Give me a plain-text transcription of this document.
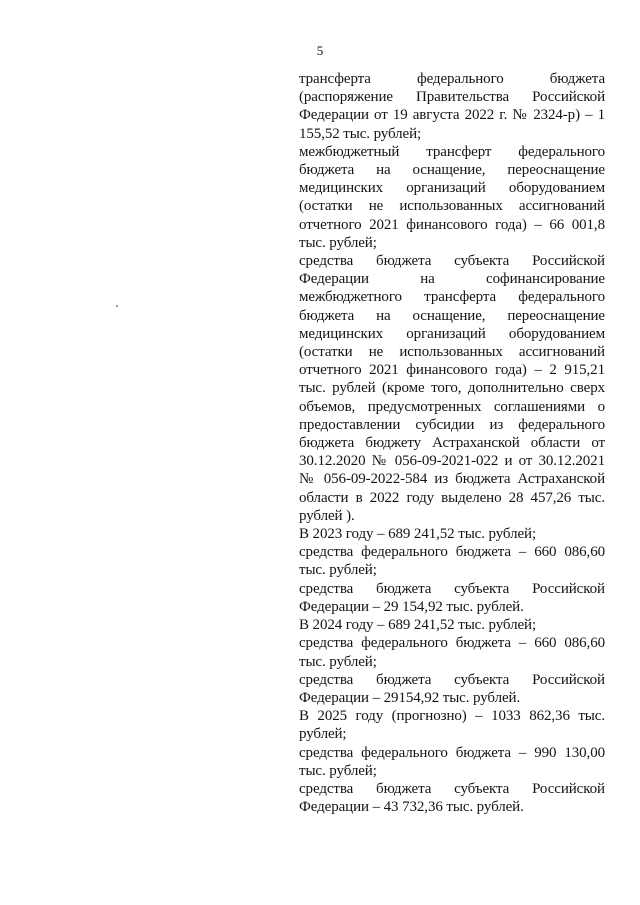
5

трансферта федерального бюджета (распоряжение Правительства Российской Федерации от 19 августа 2022 г. № 2324-р) – 1 155,52 тыс. рублей;

межбюджетный трансферт федерального бюджета на оснащение, переоснащение медицинских организаций оборудованием (остатки не использованных ассигнований отчетного 2021 финансового года) – 66 001,8 тыс. рублей;

средства бюджета субъекта Российской Федерации на софинансирование межбюджетного трансферта федерального бюджета на оснащение, переоснащение медицинских организаций оборудованием (остатки не использованных ассигнований отчетного 2021 финансового года) – 2 915,21 тыс. рублей (кроме того, дополнительно сверх объемов, предусмотренных соглашениями о предоставлении субсидии из федерального бюджета бюджету Астраханской области от 30.12.2020 № 056-09-2021-022 и от 30.12.2021 № 056-09-2022-584 из бюджета Астраханской области в 2022 году выделено 28 457,26 тыс. рублей ).

В 2023 году – 689 241,52 тыс. рублей;

средства федерального бюджета – 660 086,60 тыс. рублей;

средства бюджета субъекта Российской Федерации – 29 154,92 тыс. рублей.

В 2024 году – 689 241,52 тыс. рублей;

средства федерального бюджета – 660 086,60 тыс. рублей;

средства бюджета субъекта Российской Федерации – 29154,92 тыс. рублей.

В 2025 году (прогнозно) – 1033 862,36 тыс. рублей;

средства федерального бюджета – 990 130,00 тыс. рублей;

средства бюджета субъекта Российской Федерации – 43 732,36 тыс. рублей.
